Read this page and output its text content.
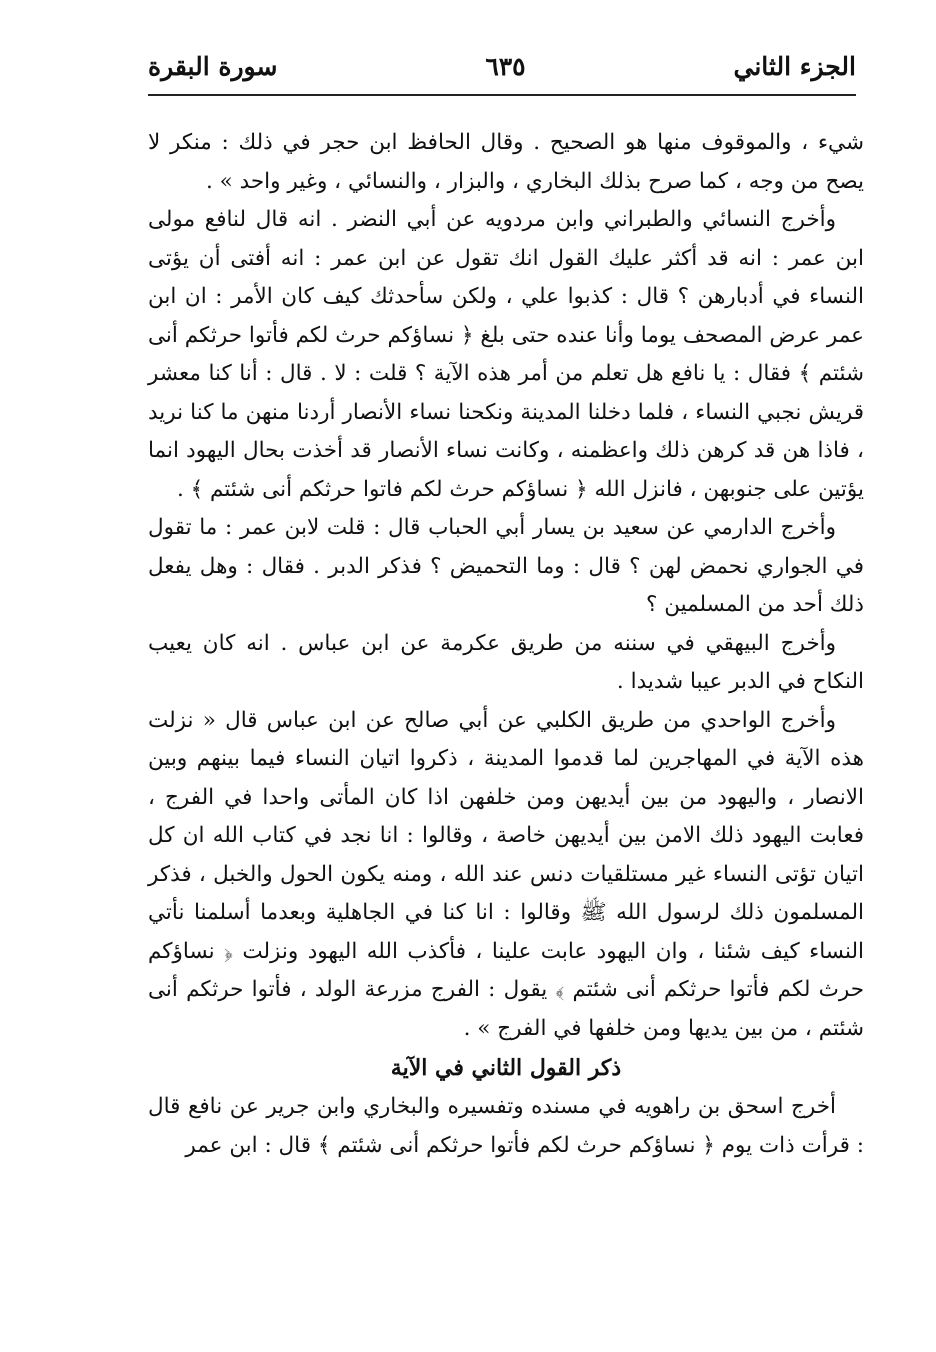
الجزء الثاني
٦٣٥
سورة البقرة

شيء ، والموقوف منها هو الصحيح . وقال الحافظ ابن حجر في ذلك : منكر لا يصح من وجه ، كما صرح بذلك البخاري ، والبزار ، والنسائي ، وغير واحد » .

وأخرج النسائي والطبراني وابن مردويه عن أبي النضر . انه قال لنافع مولى ابن عمر : انه قد أكثر عليك القول انك تقول عن ابن عمر : انه أفتى أن يؤتى النساء في أدبارهن ؟ قال : كذبوا علي ، ولكن سأحدثك كيف كان الأمر : ان ابن عمر عرض المصحف يوما وأنا عنده حتى بلغ ﴿ نساؤكم حرث لكم فأتوا حرثكم أنى شئتم ﴾ فقال : يا نافع هل تعلم من أمر هذه الآية ؟ قلت : لا . قال : أنا كنا معشر قريش نجبي النساء ، فلما دخلنا المدينة ونكحنا نساء الأنصار أردنا منهن ما كنا نريد ، فاذا هن قد كرهن ذلك واعظمنه ، وكانت نساء الأنصار قد أخذت بحال اليهود انما يؤتين على جنوبهن ، فانزل الله ﴿ نساؤكم حرث لكم فاتوا حرثكم أنى شئتم ﴾ .

وأخرج الدارمي عن سعيد بن يسار أبي الحباب قال : قلت لابن عمر : ما تقول في الجواري نحمض لهن ؟ قال : وما التحميض ؟ فذكر الدبر . فقال : وهل يفعل ذلك أحد من المسلمين ؟

وأخرج البيهقي في سننه من طريق عكرمة عن ابن عباس . انه كان يعيب النكاح في الدبر عيبا شديدا .

وأخرج الواحدي من طريق الكلبي عن أبي صالح عن ابن عباس قال « نزلت هذه الآية في المهاجرين لما قدموا المدينة ، ذكروا اتيان النساء فيما بينهم وبين الانصار ، واليهود من بين أيديهن ومن خلفهن اذا كان المأتى واحدا في الفرج ، فعابت اليهود ذلك الامن بين أيديهن خاصة ، وقالوا : انا نجد في كتاب الله ان كل اتيان تؤتى النساء غير مستلقيات دنس عند الله ، ومنه يكون الحول والخبل ، فذكر المسلمون ذلك لرسول الله ﷺ وقالوا : انا كنا في الجاهلية وبعدما أسلمنا نأتي النساء كيف شئنا ، وان اليهود عابت علينا ، فأكذب الله اليهود ونزلت ﴿ نساؤكم حرث لكم فأتوا حرثكم أنى شئتم ﴾ يقول : الفرج مزرعة الولد ، فأتوا حرثكم أنى شئتم ، من بين يديها ومن خلفها في الفرج » .

ذكر القول الثاني في الآية

أخرج اسحق بن راهويه في مسنده وتفسيره والبخاري وابن جرير عن نافع قال : قرأت ذات يوم ﴿ نساؤكم حرث لكم فأتوا حرثكم أنى شئتم ﴾ قال : ابن عمر
